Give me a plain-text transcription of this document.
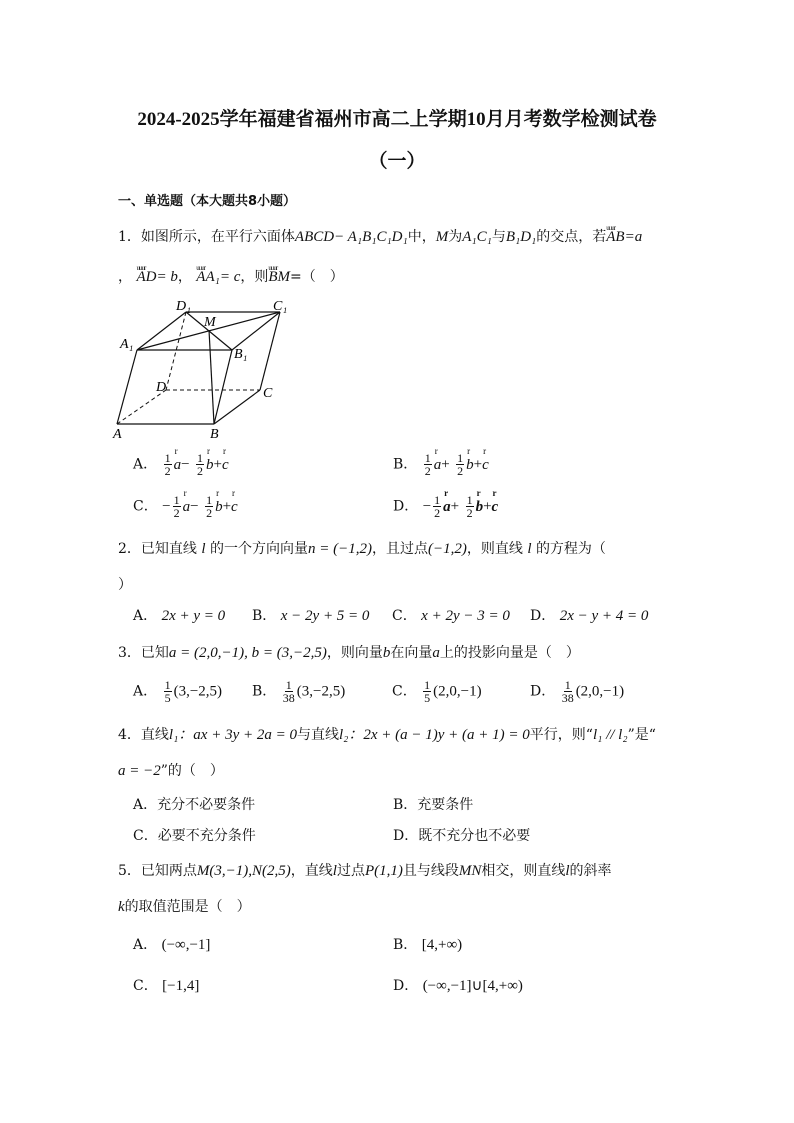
2024-2025学年福建省福州市高二上学期10月月考数学检测试卷
（一）
一、单选题（本大题共8小题）
1．如图所示，在平行六面体ABCD− A₁B₁C₁D₁中，M为A₁C₁与B₁D₁的交点，若uuur AB=a
， uuur AD= b， uuur AA₁= c，则uuur BM=（　）
D₁
M
C₁
A₁
B₁
D	C
A	B
A． $\frac{1}{2}$ r $a- \frac{1}{2}$ r b+r c	B． $\frac{1}{2}$ r $a+ \frac{1}{2}$ r b+r c
C． − $\frac{1}{2}$ r $a- \frac{1}{2}$ r b+r c	D． − $\frac{1}{2}$ r $a+ \frac{1}{2}$ r b+r c
2．已知直线 l 的一个方向向量n = (−1,2)，且过点(−1,2)，则直线 l 的方程为（
）
A． 2x + y = 0 B． x − 2y + 5 = 0 C． x + 2y − 3 = 0 D． 2x − y + 4 = 0
3．已知a = (2,0,−1), b = (3,−2,5)，则向量b在向量a上的投影向量是（　）
A． $\frac{1}{5} (3,-2,5)$ B． $\frac{1}{38} (3,-2,5)$	C． $\frac{1}{5} (2,0,-1)$	D． $\frac{1}{38} (2,0,-1)$
4．直线l₁：ax + 3y + 2a = 0与直线l₂：2x + (a − 1)y + (a + 1) = 0平行，则“l₁ // l₂”是“
a = −2”的（　）
A．充分不必要条件	B．充要条件
C．必要不充分条件	D．既不充分也不必要
5．已知两点M(3,−1),N(2,5)，直线l过点P(1,1)且与线段MN相交，则直线l的斜率
k的取值范围是（　）
A． (−∞,−1]	B． [4,+∞)
C． [−1,4]	D． (−∞,−1]∪[4,+∞)
